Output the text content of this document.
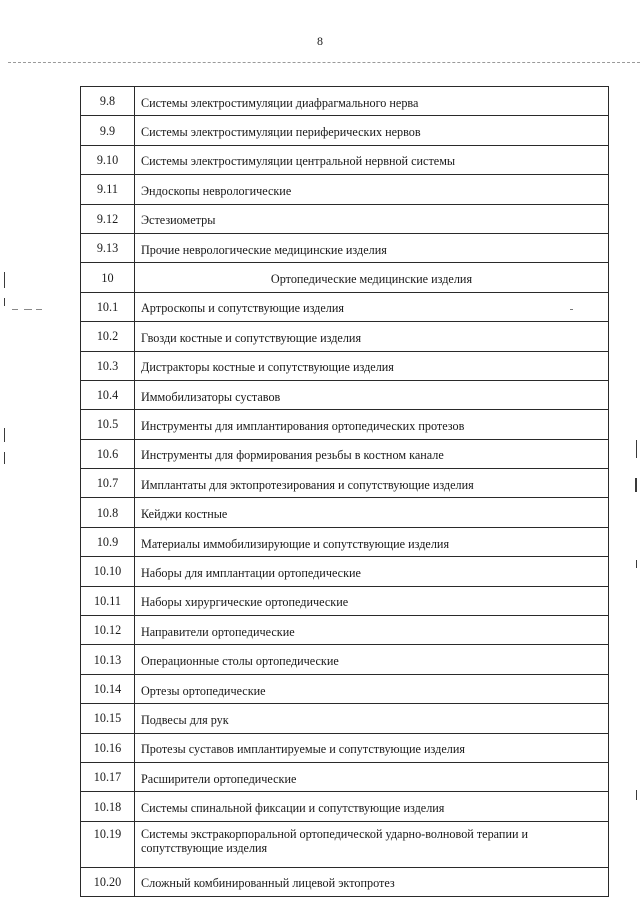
8
9.8	Системы электростимуляции диафрагмального нерва
9.9	Системы электростимуляции периферических нервов
9.10	Системы электростимуляции центральной нервной системы
9.11	Эндоскопы неврологические
9.12	Эстезиометры
9.13	Прочие неврологические медицинские изделия
10	Ортопедические медицинские изделия
10.1	Артроскопы и сопутствующие изделия
10.2	Гвозди костные и сопутствующие изделия
10.3	Дистракторы костные и сопутствующие изделия
10.4	Иммобилизаторы суставов
10.5	Инструменты для имплантирования ортопедических протезов
10.6	Инструменты для формирования резьбы в костном канале
10.7	Имплантаты для эктопротезирования и сопутствующие изделия
10.8	Кейджи костные
10.9	Материалы иммобилизирующие и сопутствующие изделия
10.10	Наборы для имплантации ортопедические
10.11	Наборы хирургические ортопедические
10.12	Направители ортопедические
10.13	Операционные столы ортопедические
10.14	Ортезы ортопедические
10.15	Подвесы для рук
10.16	Протезы суставов имплантируемые и сопутствующие изделия
10.17	Расширители ортопедические
10.18	Системы спинальной фиксации и сопутствующие изделия
10.19	Системы экстракорпоральной ортопедической ударно-волновой терапии и сопутствующие изделия
10.20	Сложный комбинированный лицевой эктопротез
